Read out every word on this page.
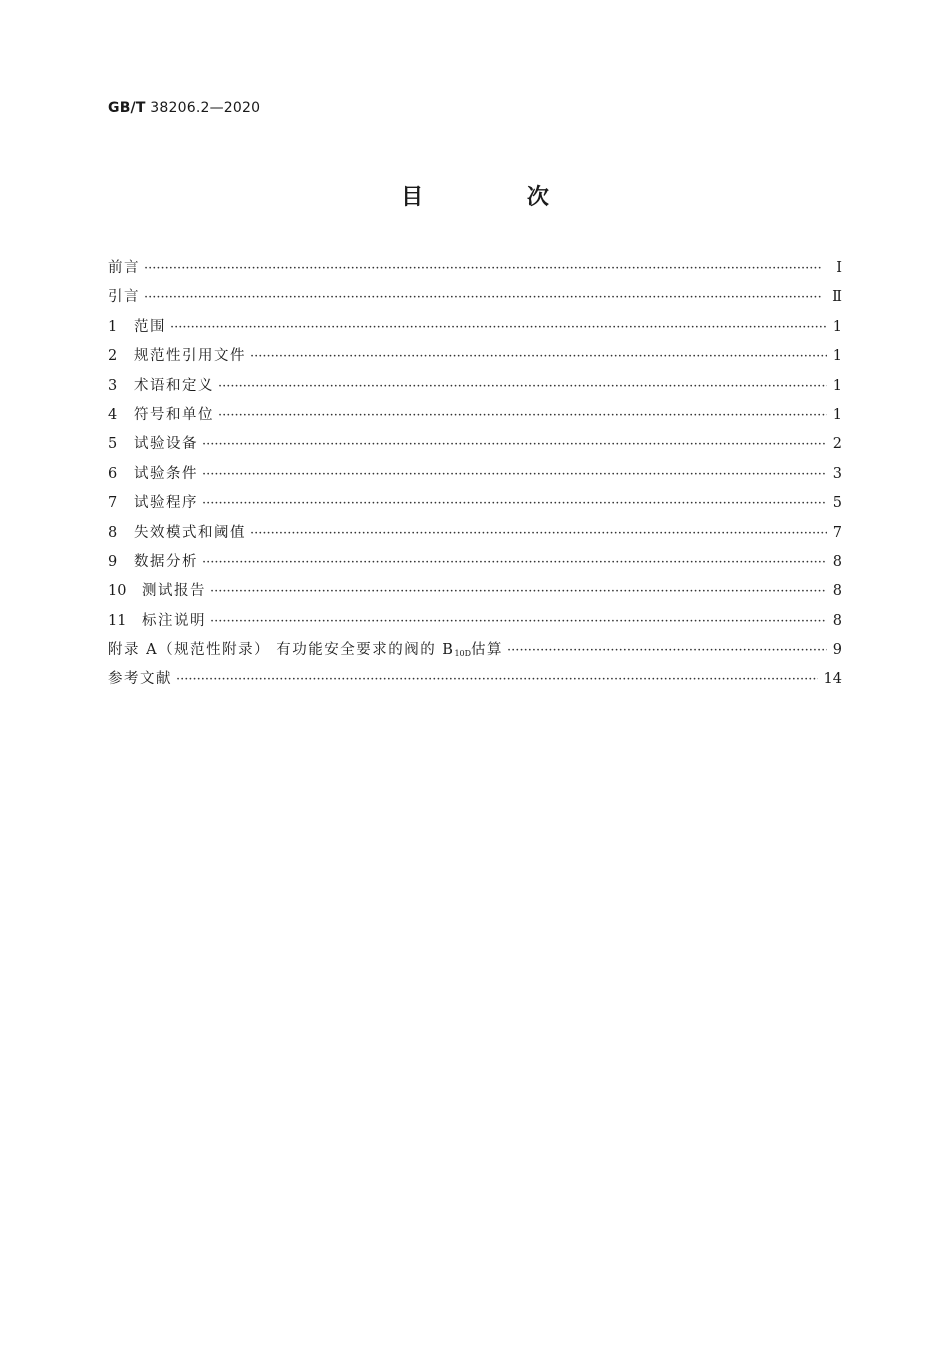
GB/T 38206.2—2020
目 次
前言 ·····	Ⅰ
引言 ·····	Ⅱ
1	范围 ·····	1
2	规范性引用文件 ·····	1
3	术语和定义 ·····	1
4	符号和单位 ·····	1
5	试验设备 ·····	2
6	试验条件 ·····	3
7	试验程序 ·····	5
8	失效模式和阈值 ·····	7
9	数据分析 ·····	8
10	测试报告 ·····	8
11	标注说明 ·····	8
附录 A（规范性附录） 有功能安全要求的阀的 B10D估算 ·····	9
参考文献 ·····	14
